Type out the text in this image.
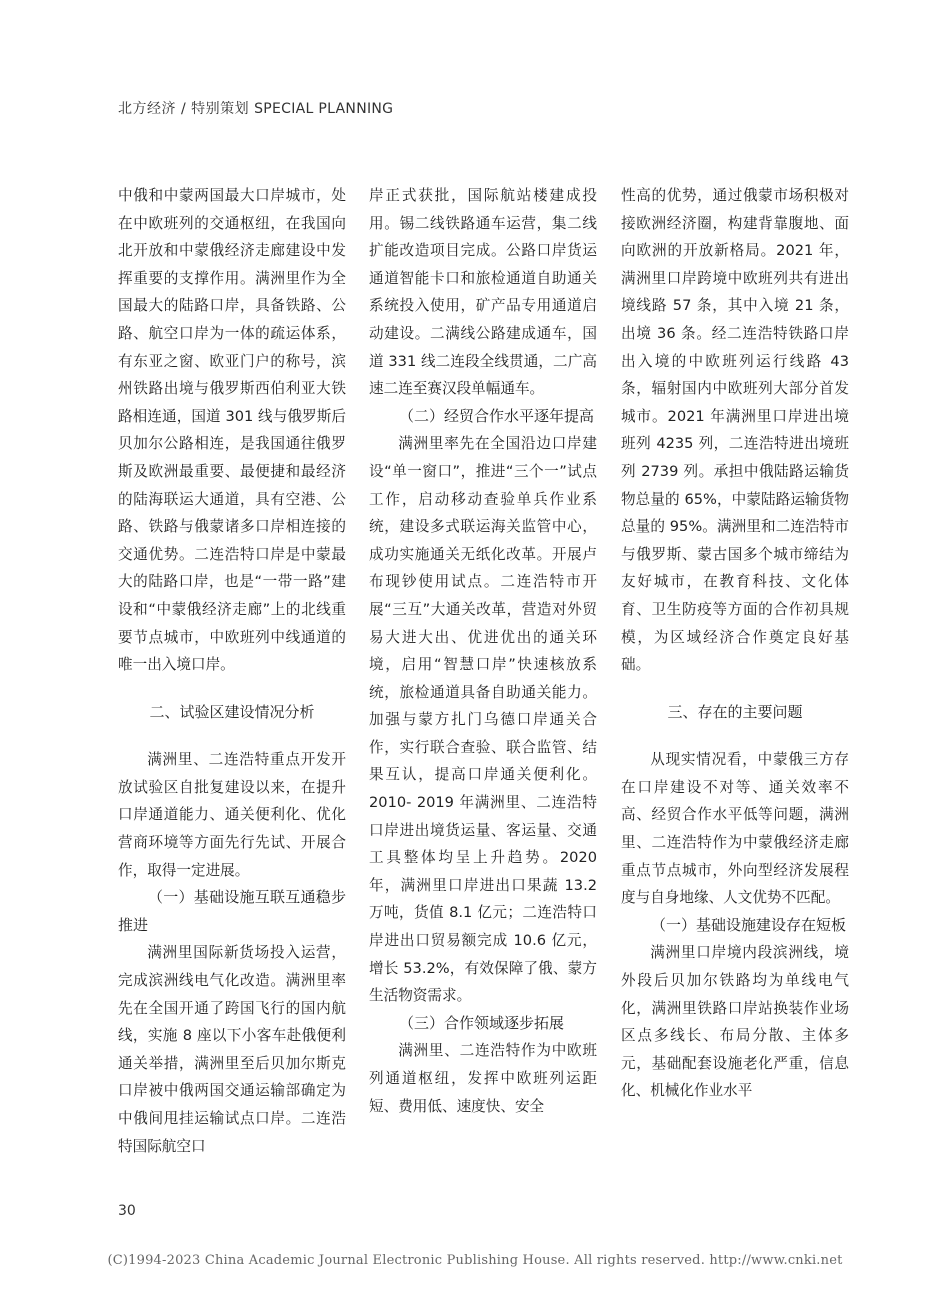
北方经济 / 特别策划 SPECIAL PLANNING

中俄和中蒙两国最大口岸城市，处在中欧班列的交通枢纽，在我国向北开放和中蒙俄经济走廊建设中发挥重要的支撑作用。满洲里作为全国最大的陆路口岸，具备铁路、公路、航空口岸为一体的疏运体系，有东亚之窗、欧亚门户的称号，滨州铁路出境与俄罗斯西伯利亚大铁路相连通，国道 301 线与俄罗斯后贝加尔公路相连，是我国通往俄罗斯及欧洲最重要、最便捷和最经济的陆海联运大通道，具有空港、公路、铁路与俄蒙诸多口岸相连接的交通优势。二连浩特口岸是中蒙最大的陆路口岸，也是“一带一路”建设和“中蒙俄经济走廊”上的北线重要节点城市，中欧班列中线通道的唯一出入境口岸。

二、试验区建设情况分析

满洲里、二连浩特重点开发开放试验区自批复建设以来，在提升口岸通道能力、通关便利化、优化营商环境等方面先行先试、开展合作，取得一定进展。

（一）基础设施互联互通稳步推进

满洲里国际新货场投入运营，完成滨洲线电气化改造。满洲里率先在全国开通了跨国飞行的国内航线，实施 8 座以下小客车赴俄便利通关举措，满洲里至后贝加尔斯克口岸被中俄两国交通运输部确定为中俄间甩挂运输试点口岸。二连浩特国际航空口

岸正式获批，国际航站楼建成投用。锡二线铁路通车运营，集二线扩能改造项目完成。公路口岸货运通道智能卡口和旅检通道自助通关系统投入使用，矿产品专用通道启动建设。二满线公路建成通车，国道 331 线二连段全线贯通，二广高速二连至赛汉段单幅通车。

（二）经贸合作水平逐年提高

满洲里率先在全国沿边口岸建设“单一窗口”，推进“三个一”试点工作，启动移动查验单兵作业系统，建设多式联运海关监管中心，成功实施通关无纸化改革。开展卢布现钞使用试点。二连浩特市开展“三互”大通关改革，营造对外贸易大进大出、优进优出的通关环境，启用“智慧口岸”快速核放系统，旅检通道具备自助通关能力。加强与蒙方扎门乌德口岸通关合作，实行联合查验、联合监管、结果互认，提高口岸通关便利化。2010- 2019 年满洲里、二连浩特口岸进出境货运量、客运量、交通工具整体均呈上升趋势。2020 年，满洲里口岸进出口果蔬 13.2 万吨，货值 8.1 亿元；二连浩特口岸进出口贸易额完成 10.6 亿元，增长 53.2%，有效保障了俄、蒙方生活物资需求。

（三）合作领域逐步拓展

满洲里、二连浩特作为中欧班列通道枢纽，发挥中欧班列运距短、费用低、速度快、安全

性高的优势，通过俄蒙市场积极对接欧洲经济圈，构建背靠腹地、面向欧洲的开放新格局。2021 年，满洲里口岸跨境中欧班列共有进出境线路 57 条，其中入境 21 条，出境 36 条。经二连浩特铁路口岸出入境的中欧班列运行线路 43 条，辐射国内中欧班列大部分首发城市。2021 年满洲里口岸进出境班列 4235 列，二连浩特进出境班列 2739 列。承担中俄陆路运输货物总量的 65%，中蒙陆路运输货物总量的 95%。满洲里和二连浩特市与俄罗斯、蒙古国多个城市缔结为友好城市，在教育科技、文化体育、卫生防疫等方面的合作初具规模，为区域经济合作奠定良好基础。

三、存在的主要问题

从现实情况看，中蒙俄三方存在口岸建设不对等、通关效率不高、经贸合作水平低等问题，满洲里、二连浩特作为中蒙俄经济走廊重点节点城市，外向型经济发展程度与自身地缘、人文优势不匹配。

（一）基础设施建设存在短板

满洲里口岸境内段滨洲线，境外段后贝加尔铁路均为单线电气化，满洲里铁路口岸站换装作业场区点多线长、布局分散、主体多元，基础配套设施老化严重，信息化、机械化作业水平

30
(C)1994-2023 China Academic Journal Electronic Publishing House. All rights reserved. http://www.cnki.net
